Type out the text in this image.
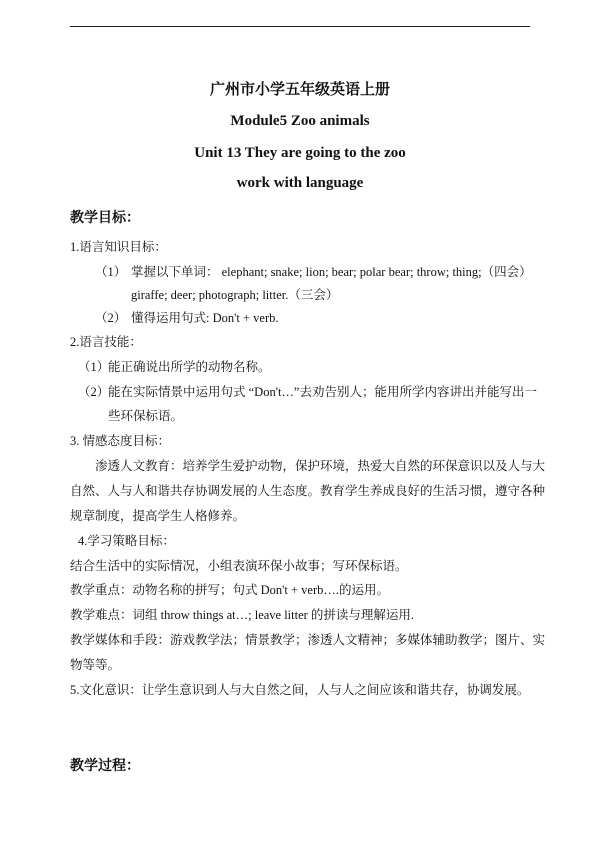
广州市小学五年级英语上册
Module5 Zoo animals
Unit 13 They are going to the zoo
work with language
教学目标：
1.语言知识目标：
（1） 掌握以下单词： elephant; snake; lion; bear; polar bear; throw; thing;（四会）
giraffe; deer; photograph; litter.（三会）
（2） 懂得运用句式: Don't + verb.
2.语言技能：
（1）
能正确说出所学的动物名称。
（2）
能在实际情景中运用句式 “Don't…”去劝告别人；能用所学内容讲出并能写出一
些环保标语。
3. 情感态度目标：
渗透人文教育：培养学生爱护动物，保护环境，热爱大自然的环保意识以及人与大
自然、人与人和谐共存协调发展的人生态度。教育学生养成良好的生活习惯，遵守各种
规章制度，提高学生人格修养。
4.学习策略目标：
结合生活中的实际情况，小组表演环保小故事；写环保标语。
教学重点：动物名称的拼写；句式 Don't + verb….的运用。
教学难点：词组 throw things at…; leave litter 的拼读与理解运用.
教学媒体和手段：游戏教学法；情景教学；渗透人文精神；多媒体辅助教学；图片、实
物等等。
5.文化意识：让学生意识到人与大自然之间，人与人之间应该和谐共存，协调发展。
教学过程：
